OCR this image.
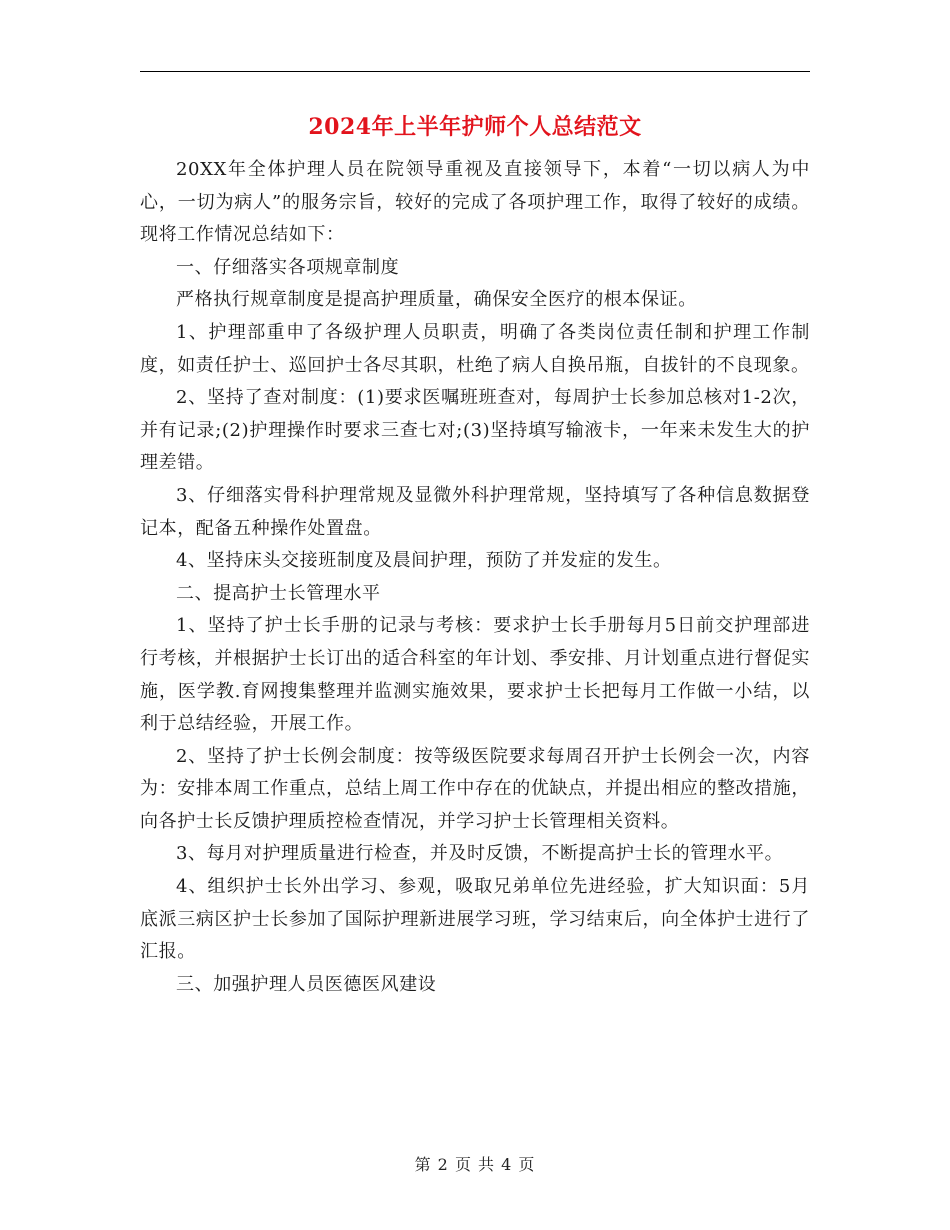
2024年上半年护师个人总结范文

20XX年全体护理人员在院领导重视及直接领导下，本着“一切以病人为中心，一切为病人”的服务宗旨，较好的完成了各项护理工作，取得了较好的成绩。现将工作情况总结如下：

一、仔细落实各项规章制度

严格执行规章制度是提高护理质量，确保安全医疗的根本保证。

1、护理部重申了各级护理人员职责，明确了各类岗位责任制和护理工作制度，如责任护士、巡回护士各尽其职，杜绝了病人自换吊瓶，自拔针的不良现象。

2、坚持了查对制度：(1)要求医嘱班班查对，每周护士长参加总核对1-2次，并有记录;(2)护理操作时要求三查七对;(3)坚持填写输液卡，一年来未发生大的护理差错。

3、仔细落实骨科护理常规及显微外科护理常规，坚持填写了各种信息数据登记本，配备五种操作处置盘。

4、坚持床头交接班制度及晨间护理，预防了并发症的发生。

二、提高护士长管理水平

1、坚持了护士长手册的记录与考核：要求护士长手册每月5日前交护理部进行考核，并根据护士长订出的适合科室的年计划、季安排、月计划重点进行督促实施，医学教.育网搜集整理并监测实施效果，要求护士长把每月工作做一小结，以利于总结经验，开展工作。

2、坚持了护士长例会制度：按等级医院要求每周召开护士长例会一次，内容为：安排本周工作重点，总结上周工作中存在的优缺点，并提出相应的整改措施，向各护士长反馈护理质控检查情况，并学习护士长管理相关资料。

3、每月对护理质量进行检查，并及时反馈，不断提高护士长的管理水平。

4、组织护士长外出学习、参观，吸取兄弟单位先进经验，扩大知识面：5月底派三病区护士长参加了国际护理新进展学习班，学习结束后，向全体护士进行了汇报。

三、加强护理人员医德医风建设

第 2 页 共 4 页
